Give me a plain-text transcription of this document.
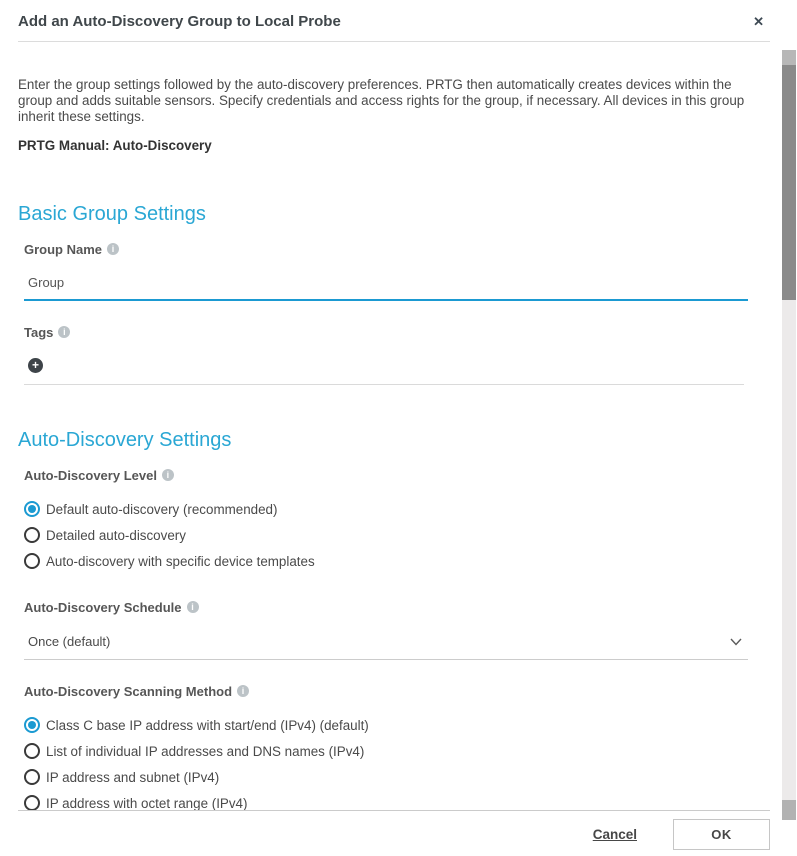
Add an Auto-Discovery Group to Local Probe	✕

Enter the group settings followed by the auto-discovery preferences. PRTG then automatically creates devices within the group and adds suitable sensors. Specify credentials and access rights for the group, if necessary. All devices in this group inherit these settings.

PRTG Manual: Auto-Discovery
Basic Group Settings
Group Name	i
Group
Tags	i
+
Auto-Discovery Settings
Auto-Discovery Level	i
Default auto-discovery (recommended)
Detailed auto-discovery
Auto-discovery with specific device templates
Auto-Discovery Schedule	i
Once (default)
Auto-Discovery Scanning Method	i
Class C base IP address with start/end (IPv4) (default)
List of individual IP addresses and DNS names (IPv4)
IP address and subnet (IPv4)
IP address with octet range (IPv4)
Cancel	OK
